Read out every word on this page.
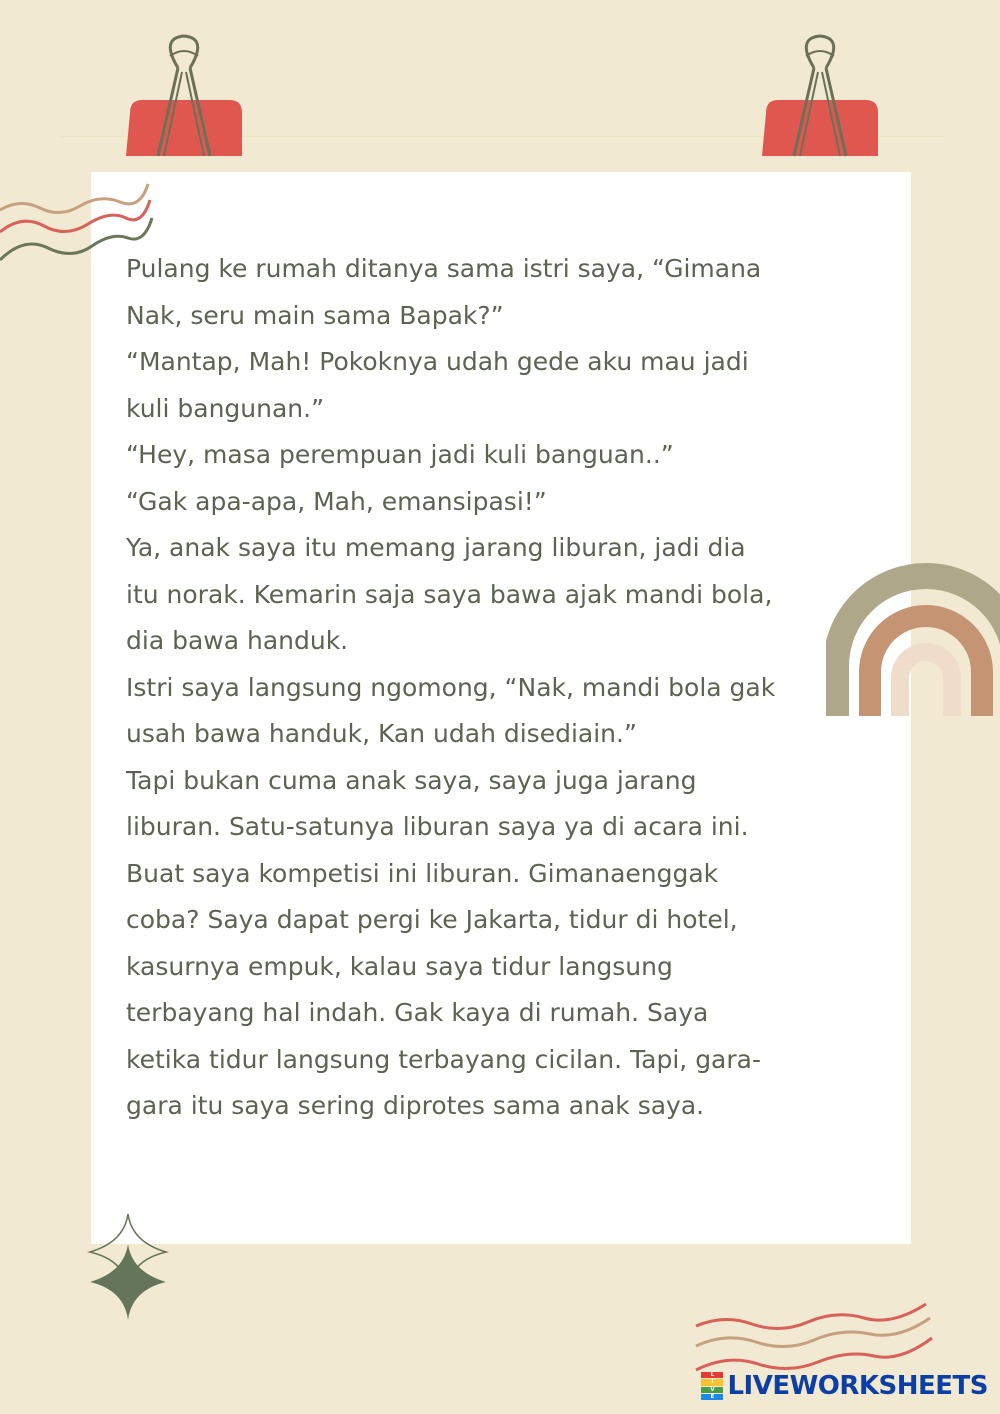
Pulang ke rumah ditanya sama istri saya, “Gimana
Nak, seru main sama Bapak?”
“Mantap, Mah! Pokoknya udah gede aku mau jadi
kuli bangunan.”
“Hey, masa perempuan jadi kuli banguan..”
“Gak apa-apa, Mah, emansipasi!”
Ya, anak saya itu memang jarang liburan, jadi dia
itu norak. Kemarin saja saya bawa ajak mandi bola,
dia bawa handuk.
Istri saya langsung ngomong, “Nak, mandi bola gak
usah bawa handuk, Kan udah disediain.”
Tapi bukan cuma anak saya, saya juga jarang
liburan. Satu-satunya liburan saya ya di acara ini.
Buat saya kompetisi ini liburan. Gimanaenggak
coba? Saya dapat pergi ke Jakarta, tidur di hotel,
kasurnya empuk, kalau saya tidur langsung
terbayang hal indah. Gak kaya di rumah. Saya
ketika tidur langsung terbayang cicilan. Tapi, gara-
gara itu saya sering diprotes sama anak saya.
L
I
V
E LIVEWORKSHEETS
